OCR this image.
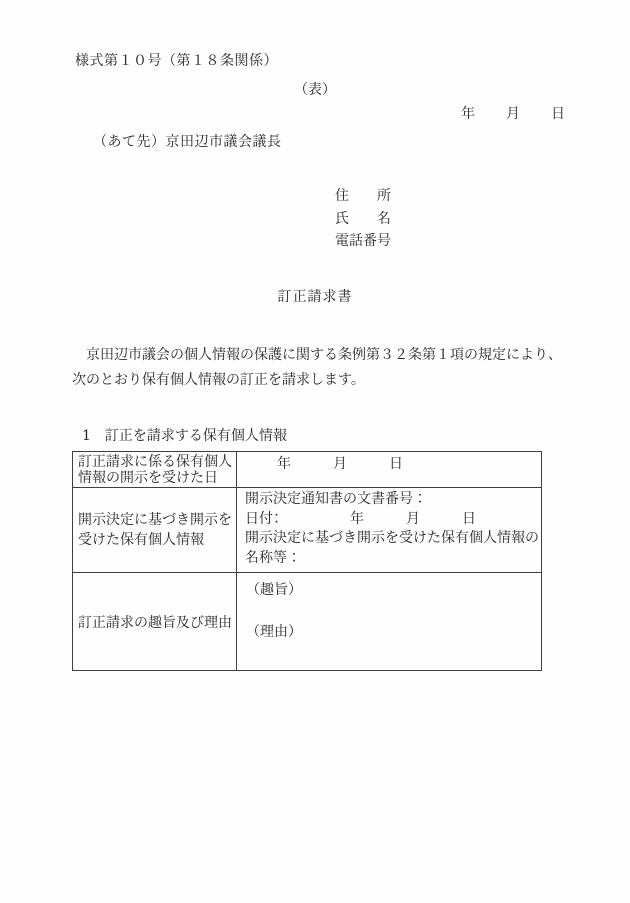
様式第１０号（第１８条関係）
（表）
年　　月　　日
（あて先）京田辺市議会議長
住　　所
氏　　名
電話番号
訂正請求書
　京田辺市議会の個人情報の保護に関する条例第３２条第１項の規定により、
次のとおり保有個人情報の訂正を請求します。
1　訂正を請求する保有個人情報
訂正請求に係る保有個人
情報の開示を受けた日
年　　　月　　　日
開示決定に基づき開示を
受けた保有個人情報
開示決定通知書の文書番号：
日付：　　　　　年　　　月　　　日
開示決定に基づき開示を受けた保有個人情報の
名称等：
訂正請求の趣旨及び理由
（趣旨）
（理由）
